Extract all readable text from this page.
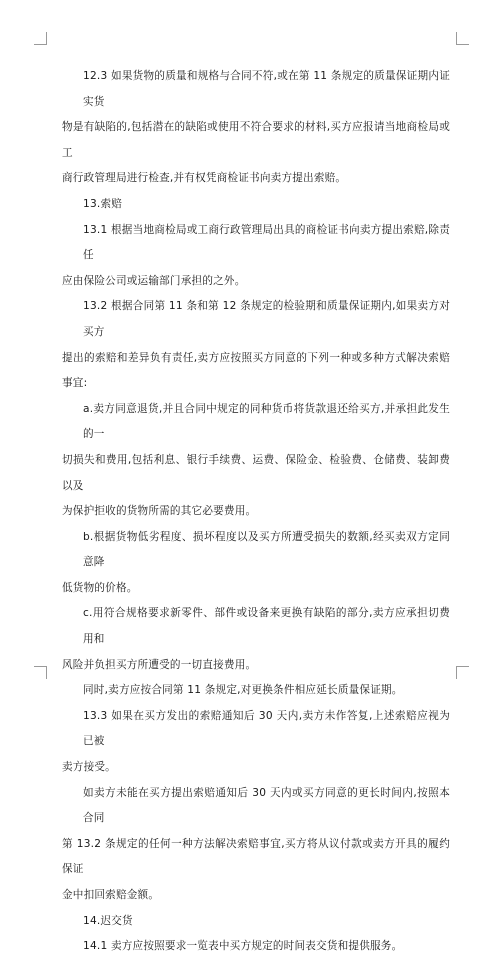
12.3 如果货物的质量和规格与合同不符,或在第 11 条规定的质量保证期内证实货
物是有缺陷的,包括潜在的缺陷或使用不符合要求的材料,买方应报请当地商检局或工
商行政管理局进行检查,并有权凭商检证书向卖方提出索赔。
13.索赔
13.1 根据当地商检局或工商行政管理局出具的商检证书向卖方提出索赔,除责任
应由保险公司或运输部门承担的之外。
13.2 根据合同第 11 条和第 12 条规定的检验期和质量保证期内,如果卖方对买方
提出的索赔和差异负有责任,卖方应按照买方同意的下列一种或多种方式解决索赔事宜:
a.卖方同意退货,并且合同中规定的同种货币将货款退还给买方,并承担此发生的一
切损失和费用,包括利息、银行手续费、运费、保险金、检验费、仓储费、装卸费以及
为保护拒收的货物所需的其它必要费用。
b.根据货物低劣程度、损坏程度以及买方所遭受损失的数额,经买卖双方定同意降
低货物的价格。
c.用符合规格要求新零件、部件或设备来更换有缺陷的部分,卖方应承担切费用和
风险并负担买方所遭受的一切直接费用。
同时,卖方应按合同第 11 条规定,对更换条件相应延长质量保证期。
13.3 如果在买方发出的索赔通知后 30 天内,卖方未作答复,上述索赔应视为已被
卖方接受。
如卖方未能在买方提出索赔通知后 30 天内或买方同意的更长时间内,按照本合同
第 13.2 条规定的任何一种方法解决索赔事宜,买方将从议付款或卖方开具的履约保证
金中扣回索赔金额。
14.迟交货
14.1 卖方应按照要求一览表中买方规定的时间表交货和提供服务。
